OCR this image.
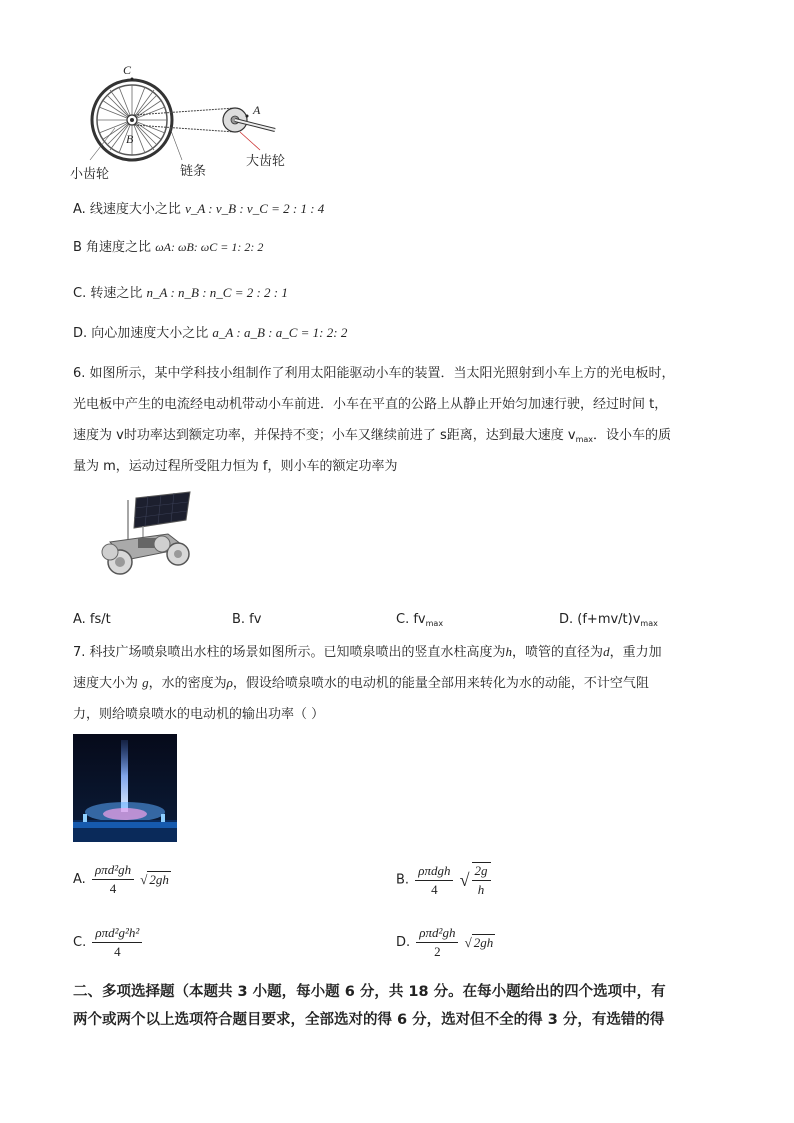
C
A
B
小齿轮	链条
大齿轮
A. 线速度大小之比 v_A : v_B : v_C = 2 : 1 : 4
B 角速度之比 ωA: ωB: ωC = 1: 2: 2
C. 转速之比 n_A : n_B : n_C = 2 : 2 : 1
D. 向心加速度大小之比 a_A : a_B : a_C = 1: 2: 2
6. 如图所示，某中学科技小组制作了利用太阳能驱动小车的装置．当太阳光照射到小车上方的光电板时，
光电板中产生的电流经电动机带动小车前进．小车在平直的公路上从静止开始匀加速行驶，经过时间 t，
速度为 v时功率达到额定功率，并保持不变；小车又继续前进了 s距离，达到最大速度 $v_{max}$．设小车的质
量为 m，运动过程所受阻力恒为 f，则小车的额定功率为
A. fs/t	B. fv	C. $fv_{max}$	D. $(f+mv/t)v_{max}$
7. 科技广场喷泉喷出水柱的场景如图所示。已知喷泉喷出的竖直水柱高度为h，喷管的直径为d，重力加
速度大小为 g，水的密度为ρ，假设给喷泉喷水的电动机的能量全部用来转化为水的动能，不计空气阻
力，则给喷泉喷水的电动机的输出功率（ ）
A. $\frac{\text{ρπd²gh}}{4}$ √ 2gh	B. $\frac{\text{ρπdgh}}{4}$ √ $\frac{2g}{h}$
C. $\frac{\text{ρπd²g²h²}}{4}$	D. $\frac{\text{ρπd²gh}}{2}$ √ 2gh
二、多项选择题（本题共 3 小题，每小题 6 分，共 18 分。在每小题给出的四个选项中，有
两个或两个以上选项符合题目要求，全部选对的得 6 分，选对但不全的得 3 分，有选错的得
